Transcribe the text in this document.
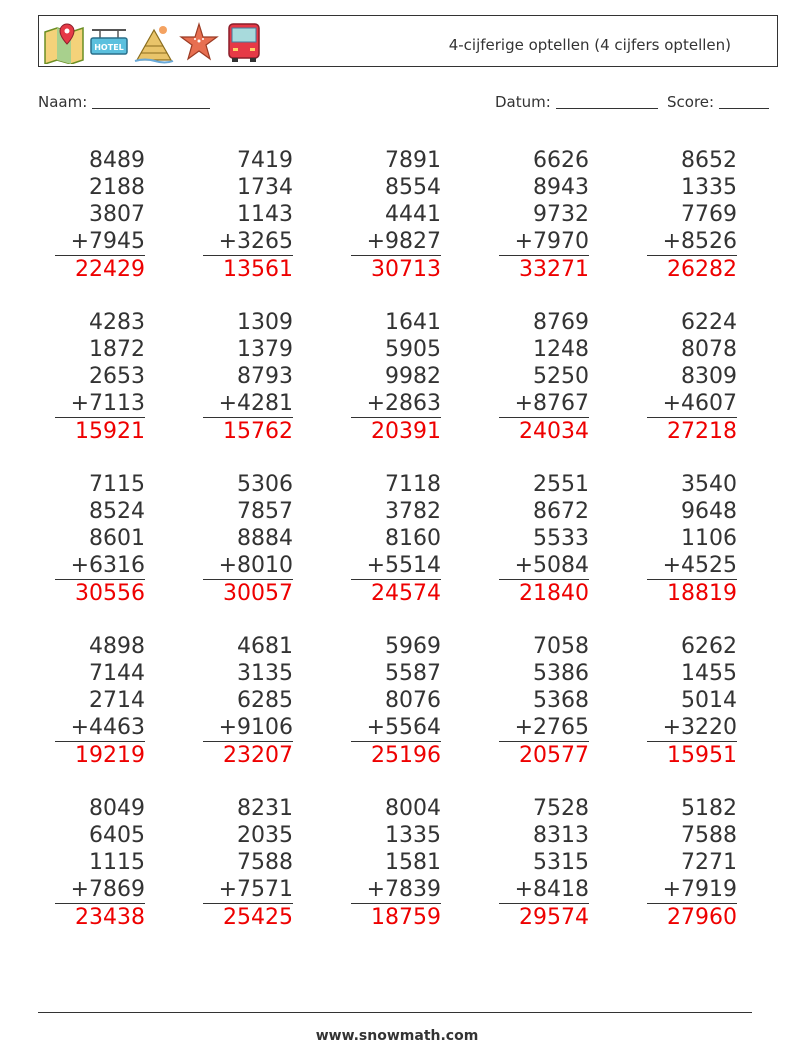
HOTEL	4-cijferige optellen (4 cijfers optellen)
Naam:	Datum:	Score:
8489
2188
3807
+7945
22429
7419
1734
1143
+3265
13561
7891
8554
4441
+9827
30713
6626
8943
9732
+7970
33271
8652
1335
7769
+8526
26282
4283
1872
2653
+7113
15921
1309
1379
8793
+4281
15762
1641
5905
9982
+2863
20391
8769
1248
5250
+8767
24034
6224
8078
8309
+4607
27218
7115
8524
8601
+6316
30556
5306
7857
8884
+8010
30057
7118
3782
8160
+5514
24574
2551
8672
5533
+5084
21840
3540
9648
1106
+4525
18819
4898
7144
2714
+4463
19219
4681
3135
6285
+9106
23207
5969
5587
8076
+5564
25196
7058
5386
5368
+2765
20577
6262
1455
5014
+3220
15951
8049
6405
1115
+7869
23438
8231
2035
7588
+7571
25425
8004
1335
1581
+7839
18759
7528
8313
5315
+8418
29574
5182
7588
7271
+7919
27960
www.snowmath.com
